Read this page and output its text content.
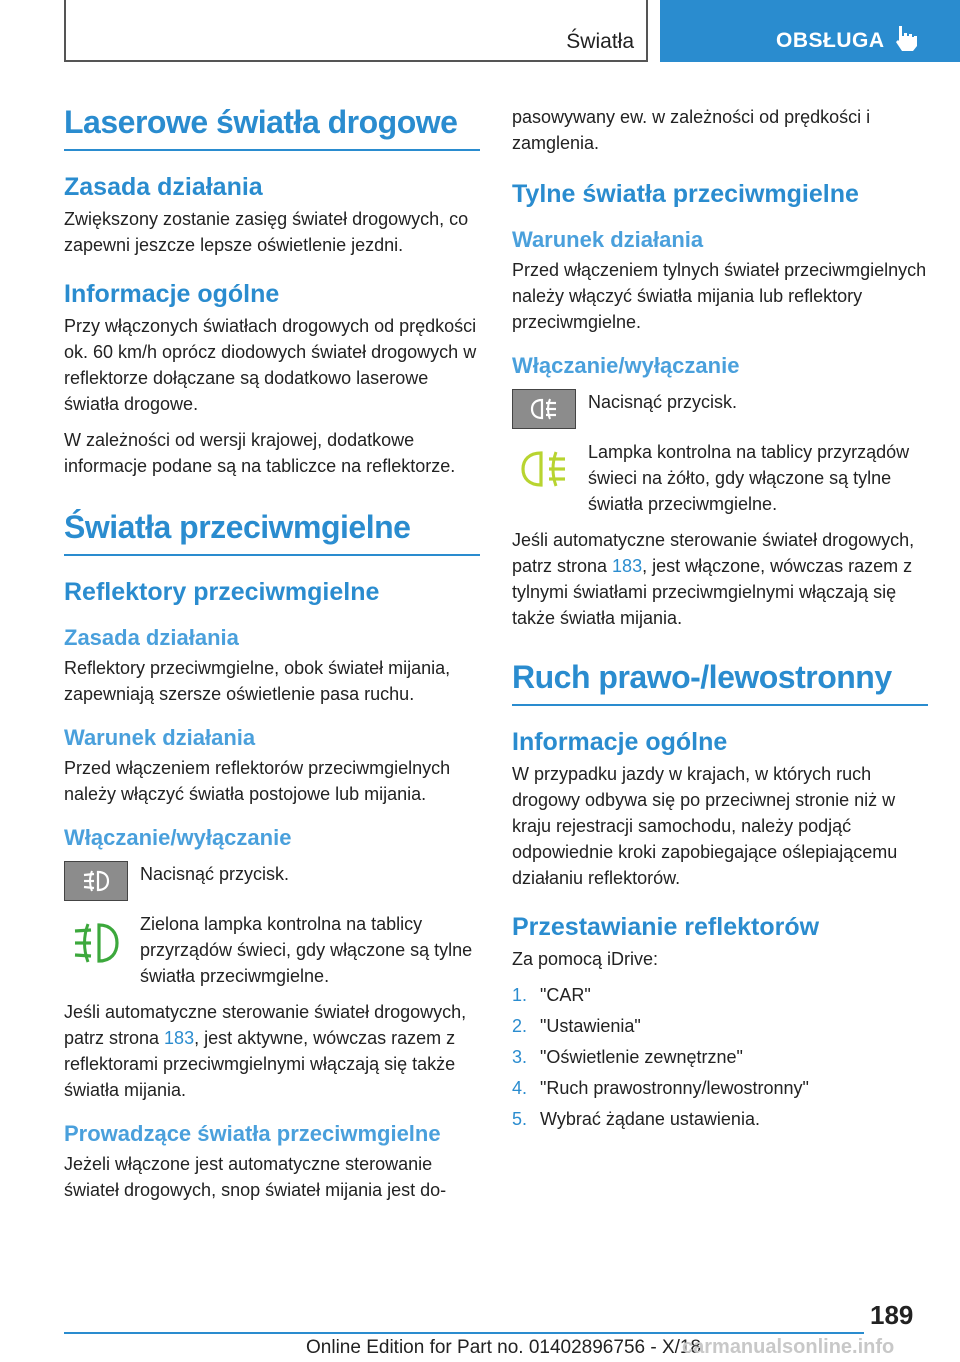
Światła	OBSŁUGA
Laserowe światła drogowe
Zasada działania

Zwiększony zostanie zasięg świateł drogowych, co zapewni jeszcze lepsze oświetlenie jezdni.

Informacje ogólne

Przy włączonych światłach drogowych od prędkości ok. 60 km/h oprócz diodowych świateł drogowych w reflektorze dołączane są dodatkowo laserowe światła drogowe.

W zależności od wersji krajowej, dodatkowe informacje podane są na tabliczce na reflektorze.

Światła przeciwmgielne
Reflektory przeciwmgielne
Zasada działania

Reflektory przeciwmgielne, obok świateł mijania, zapewniają szersze oświetlenie pasa ruchu.

Warunek działania

Przed włączeniem reflektorów przeciwmgielnych należy włączyć światła postojowe lub mijania.

Włączanie/wyłączanie

Nacisnąć przycisk.

Zielona lampka kontrolna na tablicy przyrządów świeci, gdy włączone są tylne światła przeciwmgielne.

Jeśli automatyczne sterowanie świateł drogowych, patrz strona 183, jest aktywne, wówczas razem z reflektorami przeciwmgielnymi włączają się także światła mijania.

Prowadzące światła przeciwmgielne

Jeżeli włączone jest automatyczne sterowanie świateł drogowych, snop świateł mijania jest do-

pasowywany ew. w zależności od prędkości i zamglenia.

Tylne światła przeciwmgielne
Warunek działania

Przed włączeniem tylnych świateł przeciwmgielnych należy włączyć światła mijania lub reflektory przeciwmgielne.

Włączanie/wyłączanie

Nacisnąć przycisk.

Lampka kontrolna na tablicy przyrządów świeci na żółto, gdy włączone są tylne światła przeciwmgielne.

Jeśli automatyczne sterowanie świateł drogowych, patrz strona 183, jest włączone, wówczas razem z tylnymi światłami przeciwmgielnymi włączają się także światła mijania.

Ruch prawo-/lewostronny
Informacje ogólne

W przypadku jazdy w krajach, w których ruch drogowy odbywa się po przeciwnej stronie niż w kraju rejestracji samochodu, należy podjąć odpowiednie kroki zapobiegające oślepiającemu działaniu reflektorów.

Przestawianie reflektorów

Za pomocą iDrive:

1. "CAR"
2. "Ustawienia"
3. "Oświetlenie zewnętrzne"
4. "Ruch prawostronny/lewostronny"
5. Wybrać żądane ustawienia.
189
Online Edition for Part no. 01402896756 - X/18
carmanualsonline.info
